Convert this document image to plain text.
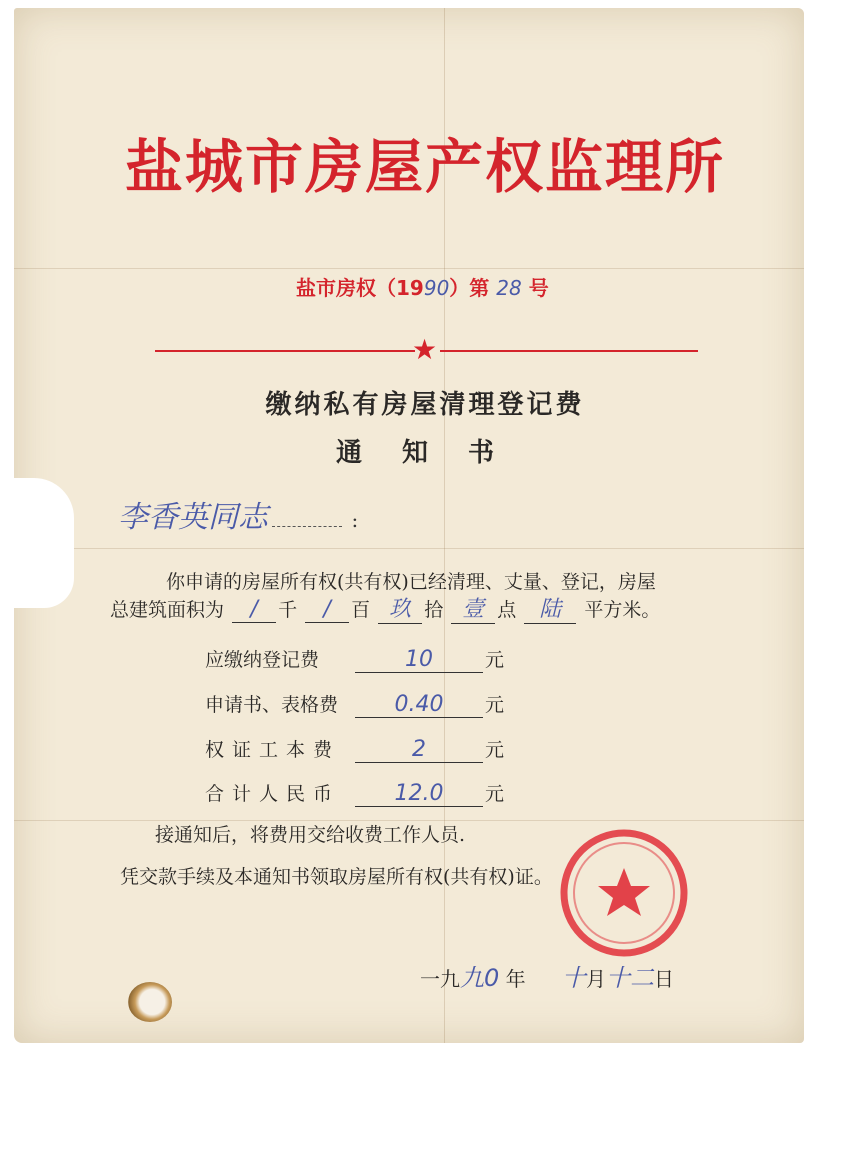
盐城市房屋产权监理所
盐市房权（1990）第 28 号
★
缴纳私有房屋清理登记费
通知书
李香英同志	:
你申请的房屋所有权(共有权)已经清理、丈量、登记，房屋
总建筑面积为 / 千 / 百 玖 拾 壹 点 陆 平方米。
应缴纳登记费	10	元
申请书、表格费	0.40 元
权证工本费	2	元
合计人民币 12.0 元
接通知后，将费用交给收费工作人员.
凭交款手续及本通知书领取房屋所有权(共有权)证。
一九九0 年 十月十二日
